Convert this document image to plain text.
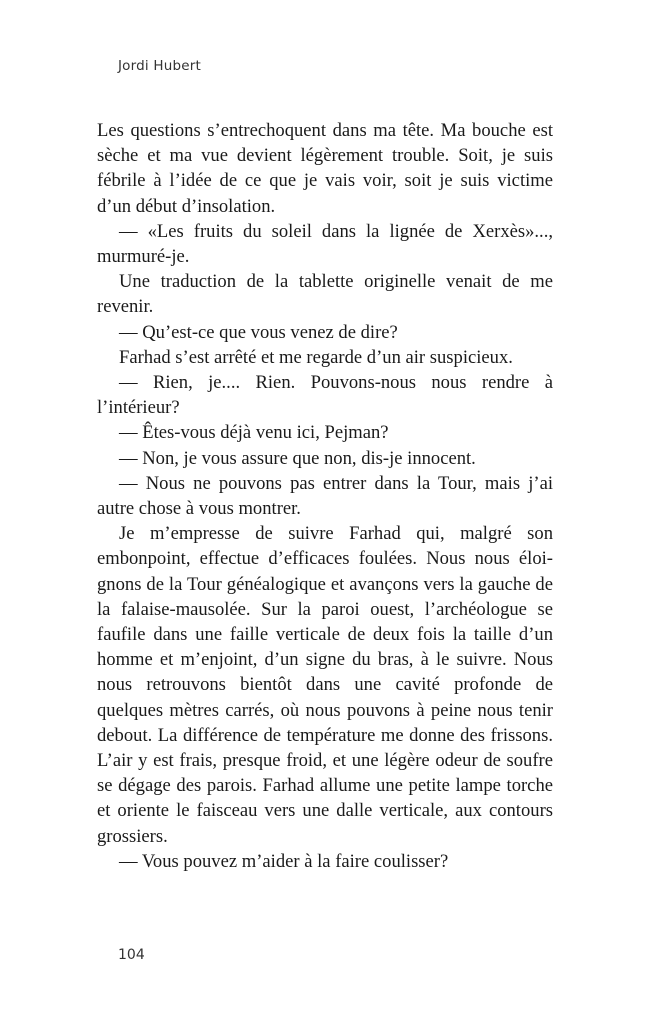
Jordi Hubert

Les questions s’entrechoquent dans ma tête. Ma bouche est sèche et ma vue devient légèrement trouble. Soit, je suis fébrile à l’idée de ce que je vais voir, soit je suis victime d’un début d’insolation.

— «Les fruits du soleil dans la lignée de Xerxès»..., murmuré-je.

Une traduction de la tablette originelle venait de me revenir.

— Qu’est-ce que vous venez de dire?

Farhad s’est arrêté et me regarde d’un air suspicieux.

— Rien, je.... Rien. Pouvons-nous nous rendre à l’intérieur?

— Êtes-vous déjà venu ici, Pejman?

— Non, je vous assure que non, dis-je innocent.

— Nous ne pouvons pas entrer dans la Tour, mais j’ai autre chose à vous montrer.

Je m’empresse de suivre Farhad qui, malgré son embonpoint, effectue d’efficaces foulées. Nous nous éloignons de la Tour généalogique et avançons vers la gauche de la falaise-mausolée. Sur la paroi ouest, l’archéologue se faufile dans une faille verticale de deux fois la taille d’un homme et m’enjoint, d’un signe du bras, à le suivre. Nous nous retrouvons bientôt dans une cavité profonde de quelques mètres carrés, où nous pouvons à peine nous tenir debout. La différence de température me donne des frissons. L’air y est frais, presque froid, et une légère odeur de soufre se dégage des parois. Farhad allume une petite lampe torche et oriente le faisceau vers une dalle verticale, aux contours grossiers.

— Vous pouvez m’aider à la faire coulisser?

104
